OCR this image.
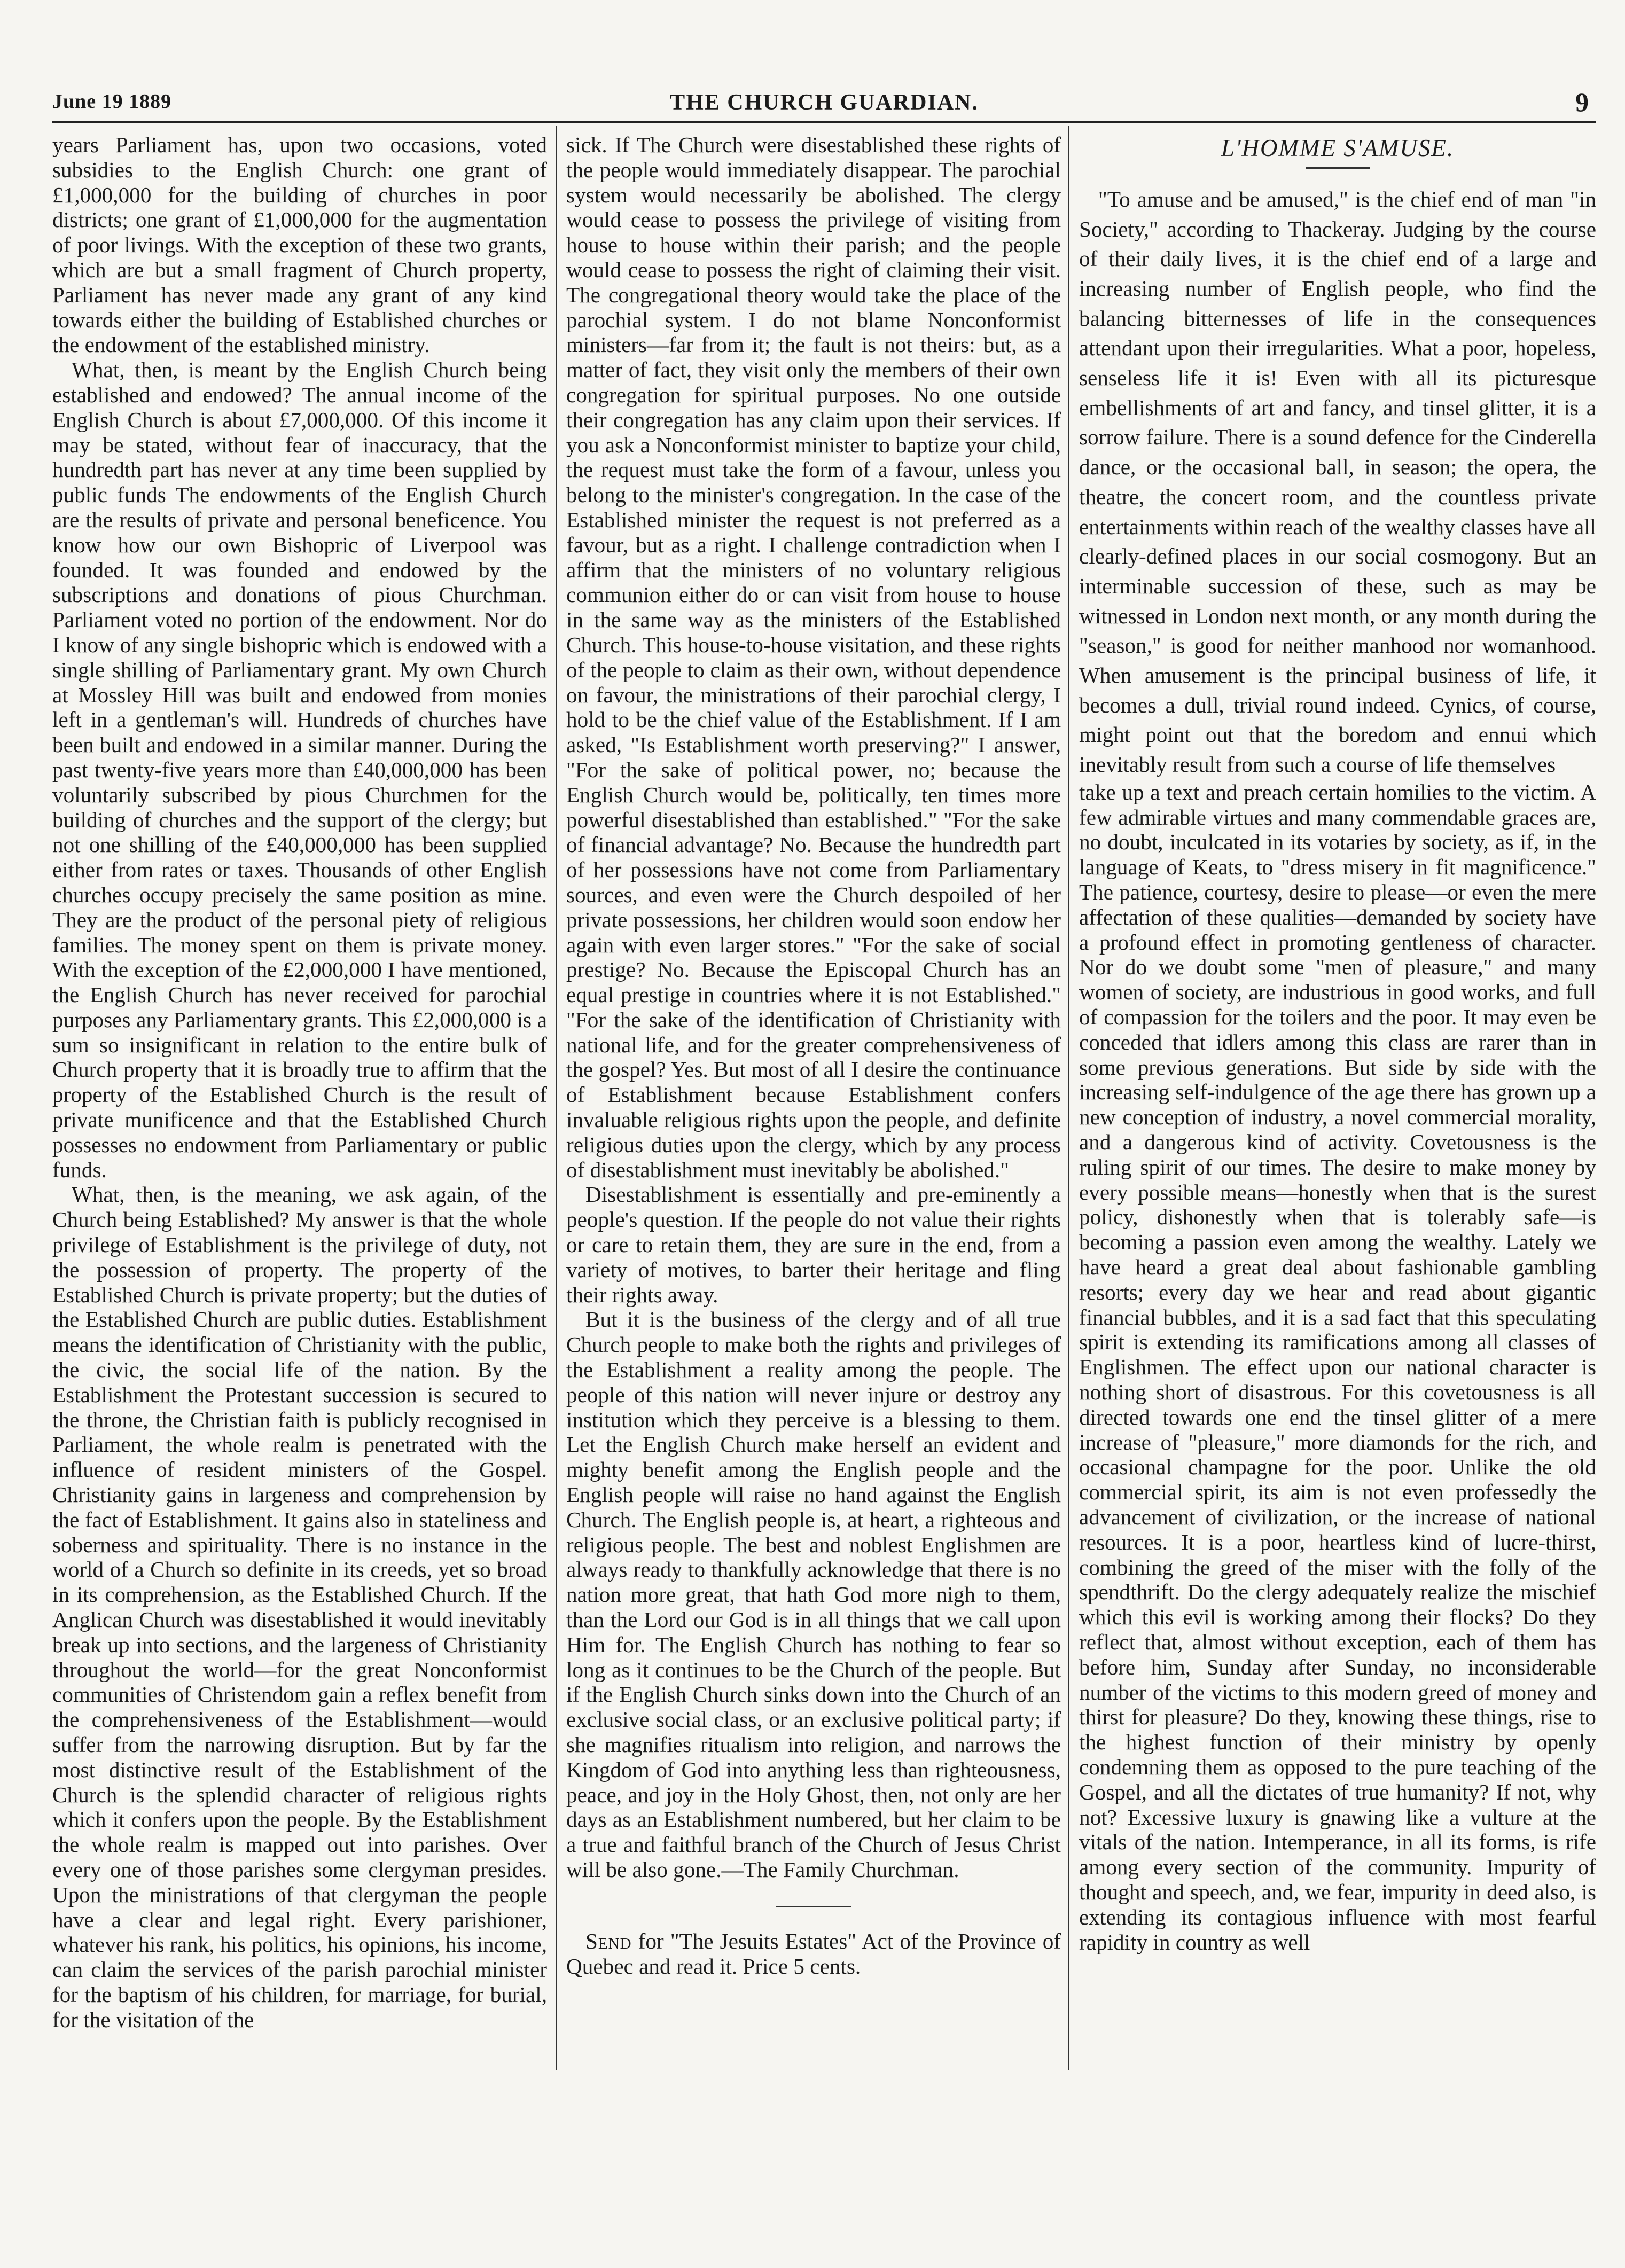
June 19 1889	THE CHURCH GUARDIAN.	9

years Parliament has, upon two occasions, voted subsidies to the English Church: one grant of £1,000,000 for the building of churches in poor districts; one grant of £1,000,000 for the augmentation of poor livings. With the exception of these two grants, which are but a small fragment of Church property, Parliament has never made any grant of any kind towards either the building of Established churches or the endowment of the established ministry.

What, then, is meant by the English Church being established and endowed? The annual income of the English Church is about £7,000,000. Of this income it may be stated, without fear of inaccuracy, that the hundredth part has never at any time been supplied by public funds The endowments of the English Church are the results of private and personal beneficence. You know how our own Bishopric of Liverpool was founded. It was founded and endowed by the subscriptions and donations of pious Churchman. Parliament voted no portion of the endowment. Nor do I know of any single bishopric which is endowed with a single shilling of Parliamentary grant. My own Church at Mossley Hill was built and endowed from monies left in a gentleman's will. Hundreds of churches have been built and endowed in a similar manner. During the past twenty-five years more than £40,000,000 has been voluntarily subscribed by pious Churchmen for the building of churches and the support of the clergy; but not one shilling of the £40,000,000 has been supplied either from rates or taxes. Thousands of other English churches occupy precisely the same position as mine. They are the product of the personal piety of religious families. The money spent on them is private money. With the exception of the £2,000,000 I have mentioned, the English Church has never received for parochial purposes any Parliamentary grants. This £2,000,000 is a sum so insignificant in relation to the entire bulk of Church property that it is broadly true to affirm that the property of the Established Church is the result of private munificence and that the Established Church possesses no endowment from Parliamentary or public funds.

What, then, is the meaning, we ask again, of the Church being Established? My answer is that the whole privilege of Establishment is the privilege of duty, not the possession of property. The property of the Established Church is private property; but the duties of the Established Church are public duties. Establishment means the identification of Christianity with the public, the civic, the social life of the nation. By the Establishment the Protestant succession is secured to the throne, the Christian faith is publicly recognised in Parliament, the whole realm is penetrated with the influence of resident ministers of the Gospel. Christianity gains in largeness and comprehension by the fact of Establishment. It gains also in stateliness and soberness and spirituality. There is no instance in the world of a Church so definite in its creeds, yet so broad in its comprehension, as the Established Church. If the Anglican Church was disestablished it would inevitably break up into sections, and the largeness of Christianity throughout the world—for the great Nonconformist communities of Christendom gain a reflex benefit from the comprehensiveness of the Establishment—would suffer from the narrowing disruption. But by far the most distinctive result of the Establishment of the Church is the splendid character of religious rights which it confers upon the people. By the Establishment the whole realm is mapped out into parishes. Over every one of those parishes some clergyman presides. Upon the ministrations of that clergyman the people have a clear and legal right. Every parishioner, whatever his rank, his politics, his opinions, his income, can claim the services of the parish parochial minister for the baptism of his children, for marriage, for burial, for the visitation of the

sick. If The Church were disestablished these rights of the people would immediately disappear. The parochial system would necessarily be abolished. The clergy would cease to possess the privilege of visiting from house to house within their parish; and the people would cease to possess the right of claiming their visit. The congregational theory would take the place of the parochial system. I do not blame Nonconformist ministers—far from it; the fault is not theirs: but, as a matter of fact, they visit only the members of their own congregation for spiritual purposes. No one outside their congregation has any claim upon their services. If you ask a Nonconformist minister to baptize your child, the request must take the form of a favour, unless you belong to the minister's congregation. In the case of the Established minister the request is not preferred as a favour, but as a right. I challenge contradiction when I affirm that the ministers of no voluntary religious communion either do or can visit from house to house in the same way as the ministers of the Established Church. This house-to-house visitation, and these rights of the people to claim as their own, without dependence on favour, the ministrations of their parochial clergy, I hold to be the chief value of the Establishment. If I am asked, "Is Establishment worth preserving?" I answer, "For the sake of political power, no; because the English Church would be, politically, ten times more powerful disestablished than established." "For the sake of financial advantage? No. Because the hundredth part of her possessions have not come from Parliamentary sources, and even were the Church despoiled of her private possessions, her children would soon endow her again with even larger stores." "For the sake of social prestige? No. Because the Episcopal Church has an equal prestige in countries where it is not Established." "For the sake of the identification of Christianity with national life, and for the greater comprehensiveness of the gospel? Yes. But most of all I desire the continuance of Establishment because Establishment confers invaluable religious rights upon the people, and definite religious duties upon the clergy, which by any process of disestablishment must inevitably be abolished."

Disestablishment is essentially and pre-eminently a people's question. If the people do not value their rights or care to retain them, they are sure in the end, from a variety of motives, to barter their heritage and fling their rights away.

But it is the business of the clergy and of all true Church people to make both the rights and privileges of the Establishment a reality among the people. The people of this nation will never injure or destroy any institution which they perceive is a blessing to them. Let the English Church make herself an evident and mighty benefit among the English people and the English people will raise no hand against the English Church. The English people is, at heart, a righteous and religious people. The best and noblest Englishmen are always ready to thankfully acknowledge that there is no nation more great, that hath God more nigh to them, than the Lord our God is in all things that we call upon Him for. The English Church has nothing to fear so long as it continues to be the Church of the people. But if the English Church sinks down into the Church of an exclusive social class, or an exclusive political party; if she magnifies ritualism into religion, and narrows the Kingdom of God into anything less than righteousness, peace, and joy in the Holy Ghost, then, not only are her days as an Establishment numbered, but her claim to be a true and faithful branch of the Church of Jesus Christ will be also gone.—The Family Churchman.

Send for "The Jesuits Estates" Act of the Province of Quebec and read it. Price 5 cents.

L'HOMME S'AMUSE.

"To amuse and be amused," is the chief end of man "in Society," according to Thackeray. Judging by the course of their daily lives, it is the chief end of a large and increasing number of English people, who find the balancing bitternesses of life in the consequences attendant upon their irregularities. What a poor, hopeless, senseless life it is! Even with all its picturesque embellishments of art and fancy, and tinsel glitter, it is a sorrow failure. There is a sound defence for the Cinderella dance, or the occasional ball, in season; the opera, the theatre, the concert room, and the countless private entertainments within reach of the wealthy classes have all clearly-defined places in our social cosmogony. But an interminable succession of these, such as may be witnessed in London next month, or any month during the "season," is good for neither manhood nor womanhood. When amusement is the principal business of life, it becomes a dull, trivial round indeed. Cynics, of course, might point out that the boredom and ennui which inevitably result from such a course of life themselves

take up a text and preach certain homilies to the victim. A few admirable virtues and many commendable graces are, no doubt, inculcated in its votaries by society, as if, in the language of Keats, to "dress misery in fit magnificence." The patience, courtesy, desire to please—or even the mere affectation of these qualities—demanded by society have a profound effect in promoting gentleness of character. Nor do we doubt some "men of pleasure," and many women of society, are industrious in good works, and full of compassion for the toilers and the poor. It may even be conceded that idlers among this class are rarer than in some previous generations. But side by side with the increasing self-indulgence of the age there has grown up a new conception of industry, a novel commercial morality, and a dangerous kind of activity. Covetousness is the ruling spirit of our times. The desire to make money by every possible means—honestly when that is the surest policy, dishonestly when that is tolerably safe—is becoming a passion even among the wealthy. Lately we have heard a great deal about fashionable gambling resorts; every day we hear and read about gigantic financial bubbles, and it is a sad fact that this speculating spirit is extending its ramifications among all classes of Englishmen. The effect upon our national character is nothing short of disastrous. For this covetousness is all directed towards one end the tinsel glitter of a mere increase of "pleasure," more diamonds for the rich, and occasional champagne for the poor. Unlike the old commercial spirit, its aim is not even professedly the advancement of civilization, or the increase of national resources. It is a poor, heartless kind of lucre-thirst, combining the greed of the miser with the folly of the spendthrift. Do the clergy adequately realize the mischief which this evil is working among their flocks? Do they reflect that, almost without exception, each of them has before him, Sunday after Sunday, no inconsiderable number of the victims to this modern greed of money and thirst for pleasure? Do they, knowing these things, rise to the highest function of their ministry by openly condemning them as opposed to the pure teaching of the Gospel, and all the dictates of true humanity? If not, why not? Excessive luxury is gnawing like a vulture at the vitals of the nation. Intemperance, in all its forms, is rife among every section of the community. Impurity of thought and speech, and, we fear, impurity in deed also, is extending its contagious influence with most fearful rapidity in country as well
